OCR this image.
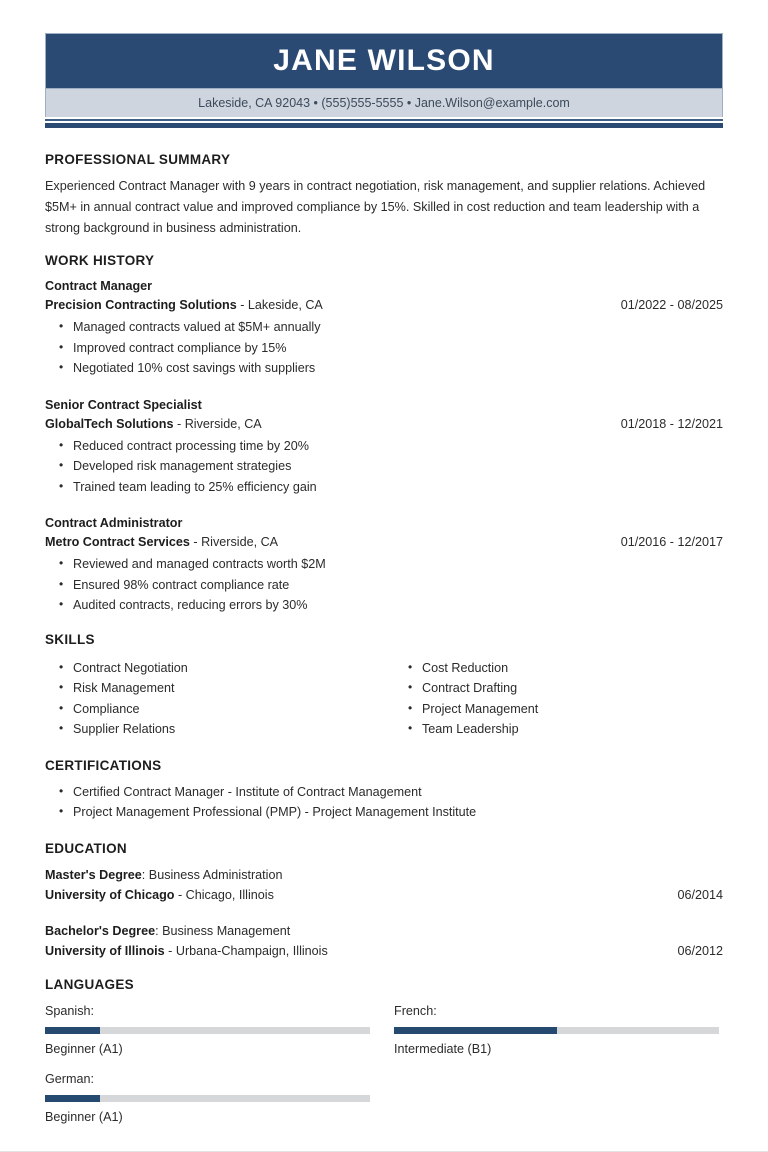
JANE WILSON
Lakeside, CA 92043 • (555)555-5555 • Jane.Wilson@example.com
PROFESSIONAL SUMMARY

Experienced Contract Manager with 9 years in contract negotiation, risk management, and supplier relations. Achieved $5M+ in annual contract value and improved compliance by 15%. Skilled in cost reduction and team leadership with a strong background in business administration.

WORK HISTORY
Contract Manager
Precision Contracting Solutions - Lakeside, CA	01/2022 - 08/2025
• Managed contracts valued at $5M+ annually
• Improved contract compliance by 15%
• Negotiated 10% cost savings with suppliers
Senior Contract Specialist
GlobalTech Solutions - Riverside, CA	01/2018 - 12/2021
• Reduced contract processing time by 20%
• Developed risk management strategies
• Trained team leading to 25% efficiency gain
Contract Administrator
Metro Contract Services - Riverside, CA	01/2016 - 12/2017
• Reviewed and managed contracts worth $2M
• Ensured 98% contract compliance rate
• Audited contracts, reducing errors by 30%
SKILLS
• Contract Negotiation
• Risk Management
• Compliance
• Supplier Relations
• Cost Reduction
• Contract Drafting
• Project Management
• Team Leadership
CERTIFICATIONS
• Certified Contract Manager - Institute of Contract Management
• Project Management Professional (PMP) - Project Management Institute
EDUCATION
Master's Degree: Business Administration
University of Chicago - Chicago, Illinois	06/2014
Bachelor's Degree: Business Management
University of Illinois - Urbana-Champaign, Illinois	06/2012
LANGUAGES
Spanish:
Beginner (A1)
French:
Intermediate (B1)
German:
Beginner (A1)
